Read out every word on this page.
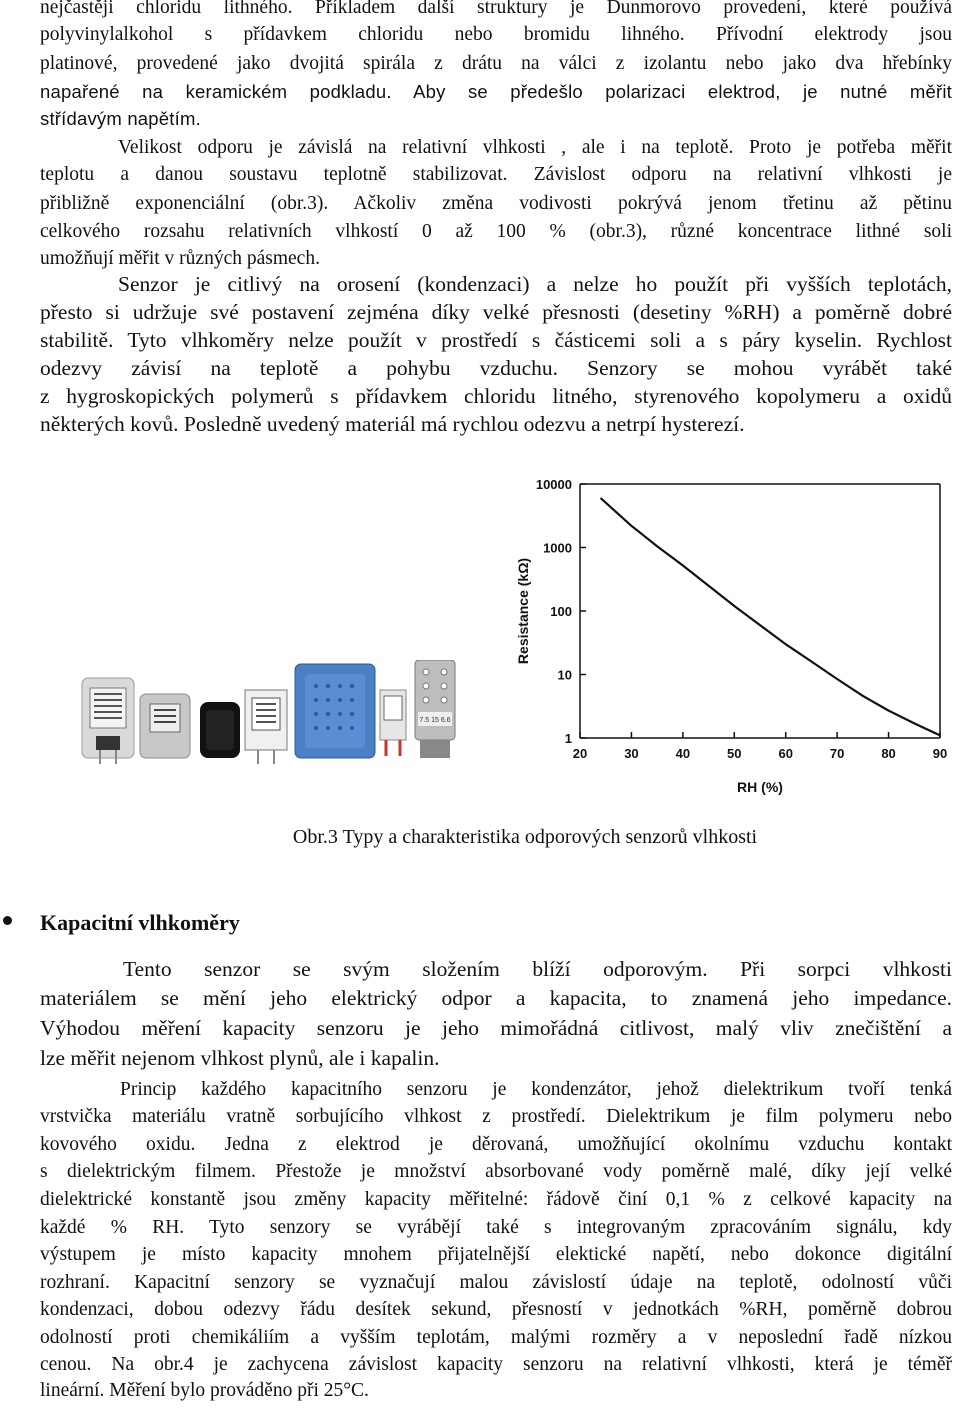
nejčastěji chloridu lithného. Příkladem další struktury je Dunmorovo provedení, které používá
polyvinylalkohol s přídavkem chloridu nebo bromidu lihného. Přívodní elektrody jsou
platinové, provedené jako dvojitá spirála z drátu na válci z izolantu nebo jako dva hřebínky
napařené na keramickém podkladu. Aby se předešlo polarizaci elektrod, je nutné měřit
střídavým napětím.
Velikost odporu je závislá na relativní vlhkosti , ale i na teplotě. Proto je potřeba měřit
teplotu a danou soustavu teplotně stabilizovat. Závislost odporu na relativní vlhkosti je
přibližně exponenciální (obr.3). Ačkoliv změna vodivosti pokrývá jenom třetinu až pětinu
celkového rozsahu relativních vlhkostí 0 až 100 % (obr.3), různé koncentrace lithné soli
umožňují měřit v různých pásmech.
Senzor je citlivý na orosení (kondenzaci) a nelze ho použít při vyšších teplotách,
přesto si udržuje své postavení zejména díky velké přesnosti (desetiny %RH) a poměrně dobré
stabilitě. Tyto vlhkoměry nelze použít v prostředí s částicemi soli a s páry kyselin. Rychlost
odezvy závisí na teplotě a pohybu vzduchu. Senzory se mohou vyrábět také
z hygroskopických polymerů s přídavkem chloridu litného, styrenového kopolymeru a oxidů
některých kovů. Posledně uvedený materiál má rychlou odezvu a netrpí hysterezí.
7.5 15 6.6
10000
1000
100
10
1
20	30	40	50	60	70	80	90
RH (%)
Resistance (kΩ)
Obr.3 Typy a charakteristika odporových senzorů vlhkosti
Kapacitní vlhkoměry
Tento senzor se svým složením blíží odporovým. Při sorpci vlhkosti
materiálem se mění jeho elektrický odpor a kapacita, to znamená jeho impedance.
Výhodou měření kapacity senzoru je jeho mimořádná citlivost, malý vliv znečištění a
lze měřit nejenom vlhkost plynů, ale i kapalin.
Princip každého kapacitního senzoru je kondenzátor, jehož dielektrikum tvoří tenká
vrstvička materiálu vratně sorbujícího vlhkost z prostředí. Dielektrikum je film polymeru nebo
kovového oxidu. Jedna z elektrod je děrovaná, umožňující okolnímu vzduchu kontakt
s dielektrickým filmem. Přestože je množství absorbované vody poměrně malé, díky její velké
dielektrické konstantě jsou změny kapacity měřitelné: řádově činí 0,1 % z celkové kapacity na
každé % RH. Tyto senzory se vyrábějí také s integrovaným zpracováním signálu, kdy
výstupem je místo kapacity mnohem přijatelnější elektické napětí, nebo dokonce digitální
rozhraní. Kapacitní senzory se vyznačují malou závislostí údaje na teplotě, odolností vůči
kondenzaci, dobou odezvy řádu desítek sekund, přesností v jednotkách %RH, poměrně dobrou
odolností proti chemikáliím a vyšším teplotám, malými rozměry a v neposlední řadě nízkou
cenou. Na obr.4 je zachycena závislost kapacity senzoru na relativní vlhkosti, která je téměř
lineární. Měření bylo prováděno při 25°C.
